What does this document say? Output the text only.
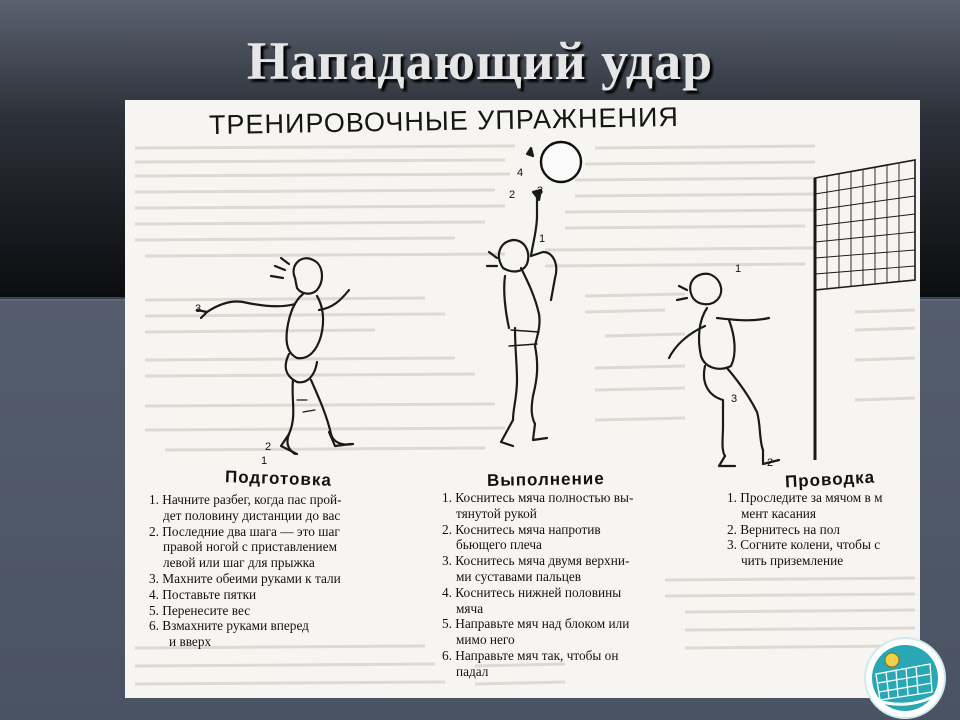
Нападающий удар
ТРЕНИРОВОЧНЫЕ УПРАЖНЕНИЯ
3
2
1
4
2 3
1
1
3
2
Подготовка	Выполнение	Проводка
1. Начните разбег, когда пас прой-
дет половину дистанции до вас
2. Последние два шага — это шаг
правой ногой с приставлением
левой или шаг для прыжка
3. Махните обеими руками к тали
4. Поставьте пятки
5. Перенесите вес
6. Взмахните руками вперед
и вверх
1. Коснитесь мяча полностью вы-
тянутой рукой
2. Коснитесь мяча напротив
бьющего плеча
3. Коснитесь мяча двумя верхни-
ми суставами пальцев
4. Коснитесь нижней половины
мяча
5. Направьте мяч над блоком или
мимо него
6. Направьте мяч так, чтобы он
падал
1. Проследите за мячом в м
мент касания
2. Вернитесь на пол
3. Согните колени, чтобы с
чить приземление
